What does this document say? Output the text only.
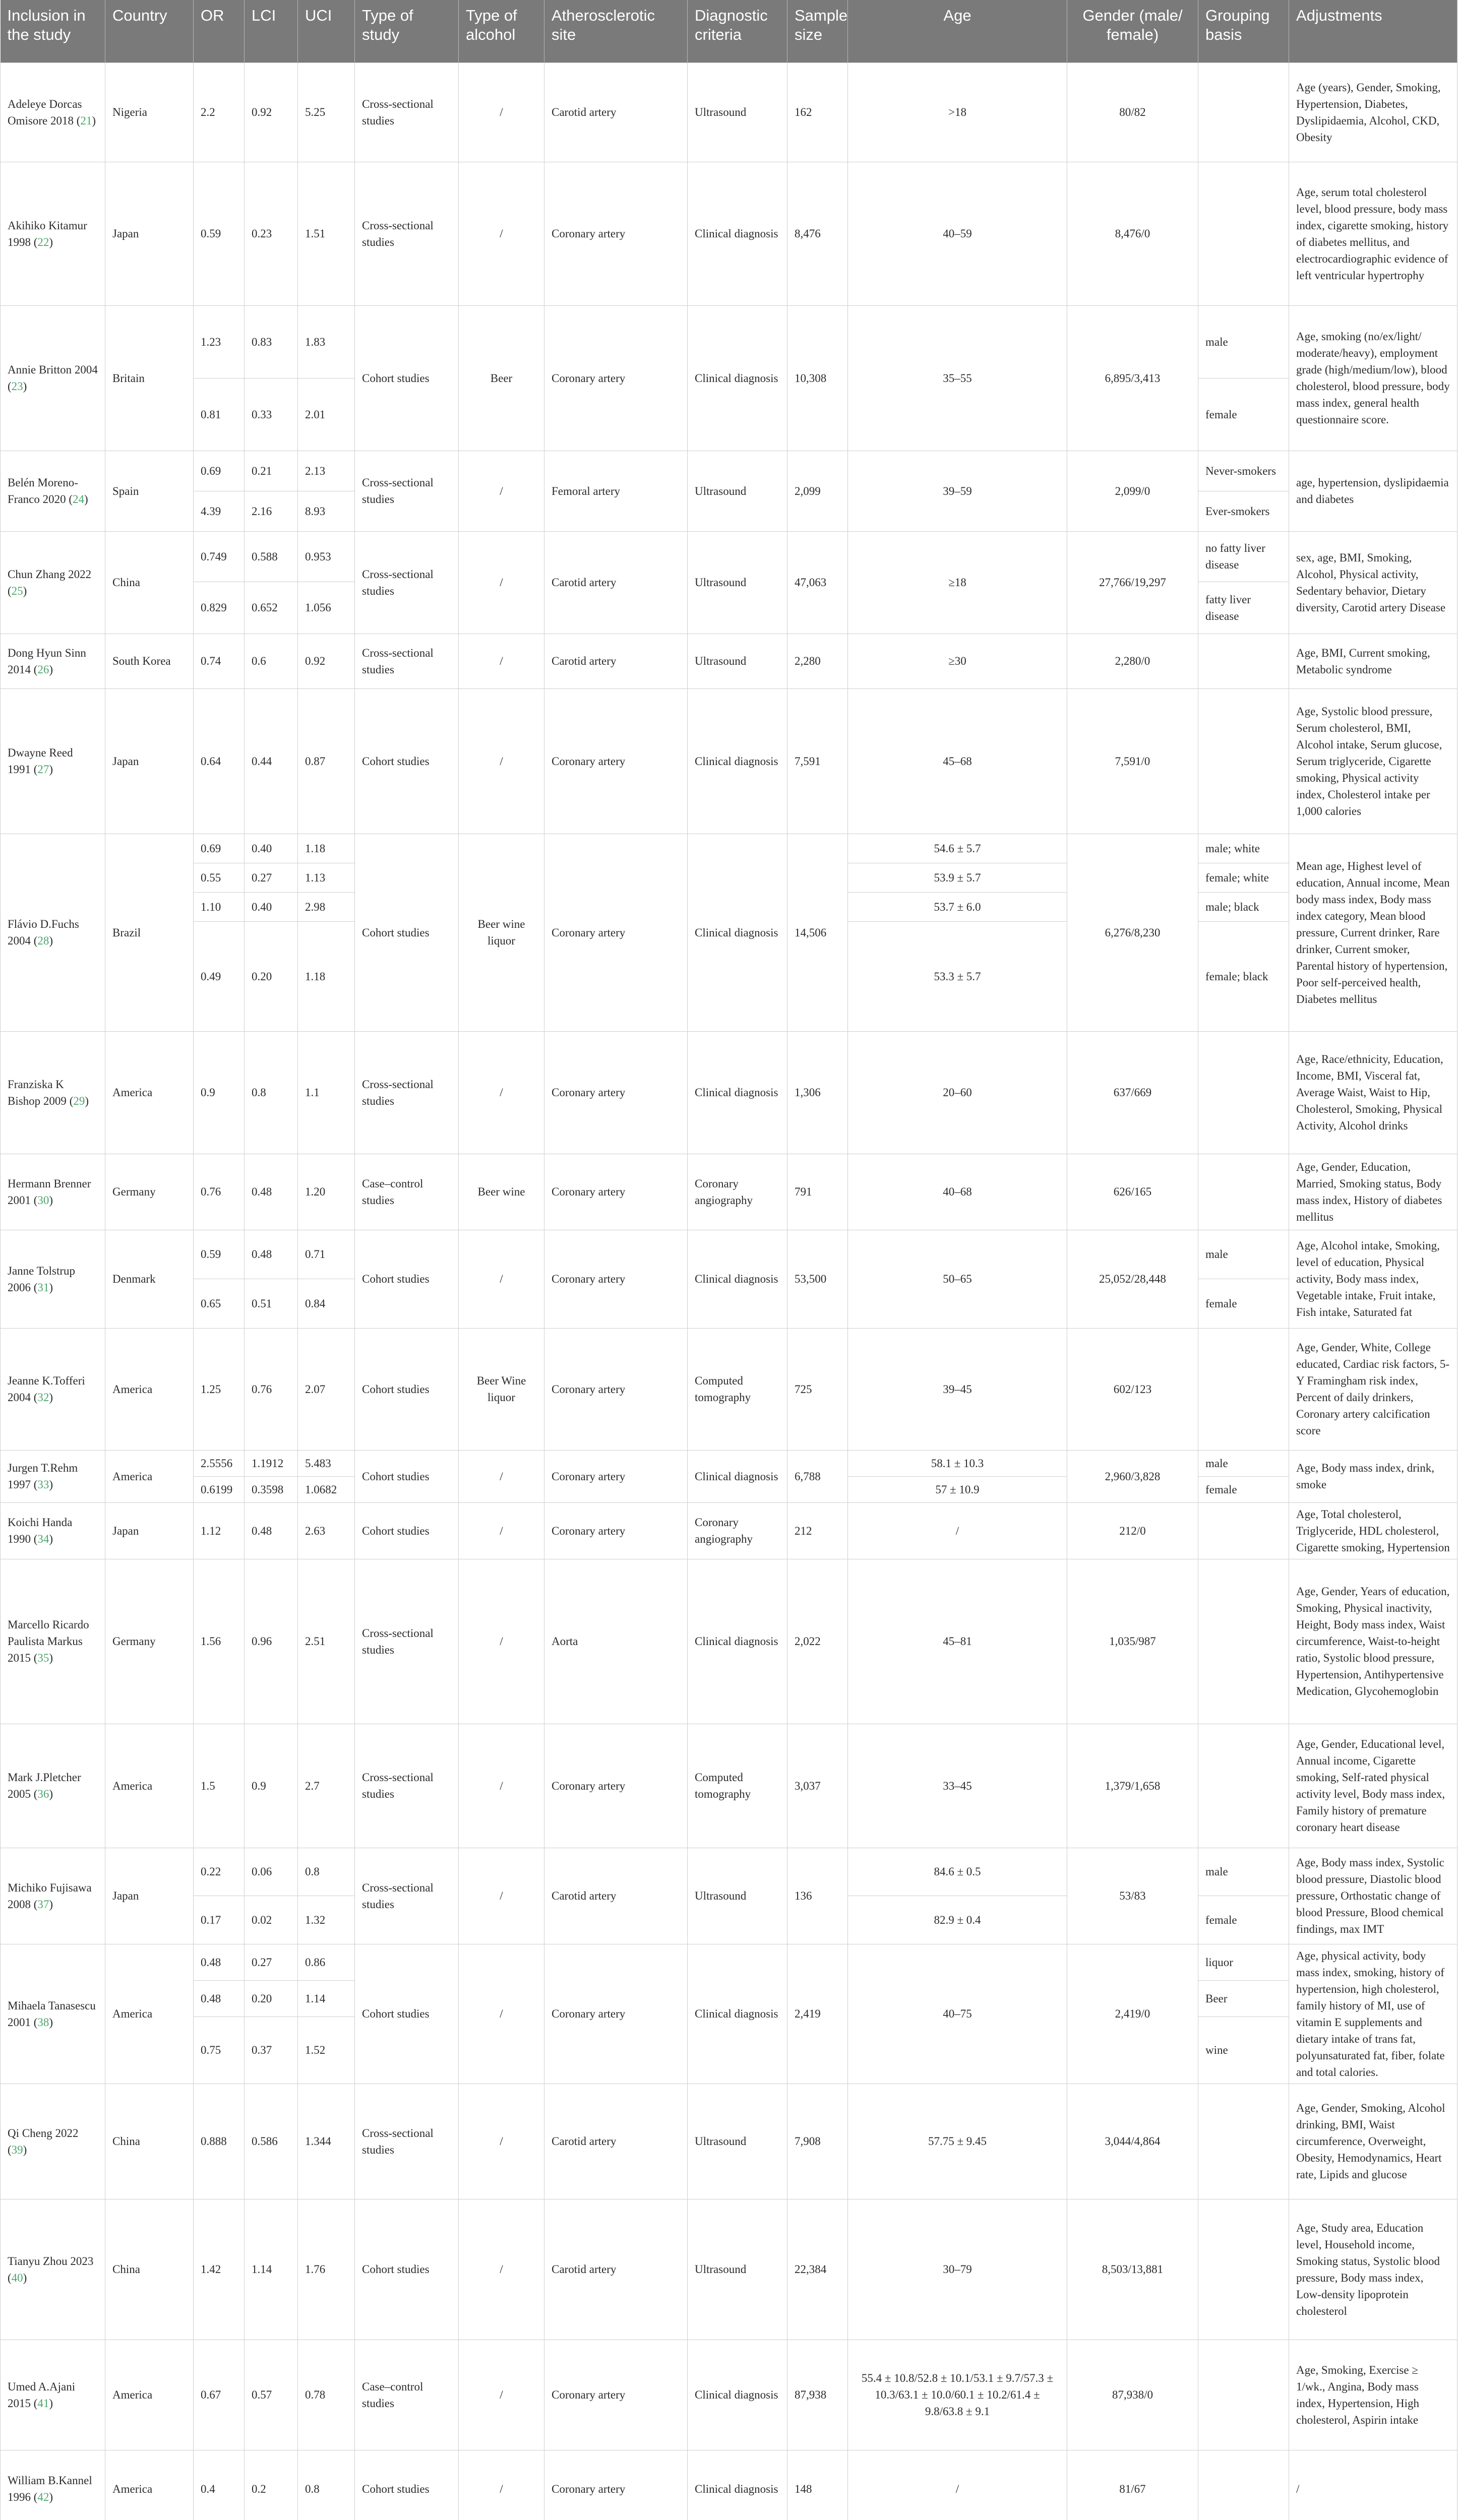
Inclusion in the study	Country	OR	LCI	UCI	Type of study	Type of alcohol	Atherosclerotic site	Diagnostic criteria	Sample size	Age	Gender (male/ female)	Grouping basis	Adjustments
Adeleye Dorcas Omisore 2018 (21)	Nigeria	2.2	0.92	5.25	Cross-sectional studies	/	Carotid artery	Ultrasound	162	>18	80/82		Age (years), Gender, Smoking, Hypertension, Diabetes, Dyslipidaemia, Alcohol, CKD, Obesity
Akihiko Kitamur 1998 (22)	Japan	0.59	0.23	1.51	Cross-sectional studies	/	Coronary artery	Clinical diagnosis	8,476	40–59	8,476/0		Age, serum total cholesterol level, blood pressure, body mass index, cigarette smoking, history of diabetes mellitus, and electrocardiographic evidence of left ventricular hypertrophy
Annie Britton 2004 (23)	Britain	1.23	0.83	1.83	Cohort studies	Beer	Coronary artery	Clinical diagnosis	10,308	35–55	6,895/3,413	male	Age, smoking (no/ex/light/ moderate/heavy), employment grade (high/medium/low), blood cholesterol, blood pressure, body mass index, general health questionnaire score.
		0.81	0.33	2.01								female	
Belén Moreno-Franco 2020 (24)	Spain	0.69	0.21	2.13	Cross-sectional studies	/	Femoral artery	Ultrasound	2,099	39–59	2,099/0	Never-smokers	age, hypertension, dyslipidaemia and diabetes
		4.39	2.16	8.93								Ever-smokers	
Chun Zhang 2022 (25)	China	0.749	0.588	0.953	Cross-sectional studies	/	Carotid artery	Ultrasound	47,063	≥18	27,766/19,297	no fatty liver disease	sex, age, BMI, Smoking, Alcohol, Physical activity, Sedentary behavior, Dietary diversity, Carotid artery Disease
		0.829	0.652	1.056								fatty liver disease	
Dong Hyun Sinn 2014 (26)	South Korea	0.74	0.6	0.92	Cross-sectional studies	/	Carotid artery	Ultrasound	2,280	≥30	2,280/0		Age, BMI, Current smoking, Metabolic syndrome
Dwayne Reed 1991 (27)	Japan	0.64	0.44	0.87	Cohort studies	/	Coronary artery	Clinical diagnosis	7,591	45–68	7,591/0		Age, Systolic blood pressure, Serum cholesterol, BMI, Alcohol intake, Serum glucose, Serum triglyceride, Cigarette smoking, Physical activity index, Cholesterol intake per 1,000 calories
Flávio D.Fuchs 2004 (28)	Brazil	0.69	0.40	1.18	Cohort studies	Beer wine liquor	Coronary artery	Clinical diagnosis	14,506	54.6 ± 5.7	6,276/8,230	male; white	Mean age, Highest level of education, Annual income, Mean body mass index, Body mass index category, Mean blood pressure, Current drinker, Rare drinker, Current smoker, Parental history of hypertension, Poor self-perceived health, Diabetes mellitus
		0.55	0.27	1.13						53.9 ± 5.7		female; white	
		1.10	0.40	2.98						53.7 ± 6.0		male; black	
		0.49	0.20	1.18						53.3 ± 5.7		female; black	
Franziska K Bishop 2009 (29)	America	0.9	0.8	1.1	Cross-sectional studies	/	Coronary artery	Clinical diagnosis	1,306	20–60	637/669		Age, Race/ethnicity, Education, Income, BMI, Visceral fat, Average Waist, Waist to Hip, Cholesterol, Smoking, Physical Activity, Alcohol drinks
Hermann Brenner 2001 (30)	Germany	0.76	0.48	1.20	Case–control studies	Beer wine	Coronary artery	Coronary angiography	791	40–68	626/165		Age, Gender, Education, Married, Smoking status, Body mass index, History of diabetes mellitus
Janne Tolstrup 2006 (31)	Denmark	0.59	0.48	0.71	Cohort studies	/	Coronary artery	Clinical diagnosis	53,500	50–65	25,052/28,448	male	Age, Alcohol intake, Smoking, level of education, Physical activity, Body mass index, Vegetable intake, Fruit intake, Fish intake, Saturated fat
		0.65	0.51	0.84								female	
Jeanne K.Tofferi 2004 (32)	America	1.25	0.76	2.07	Cohort studies	Beer Wine liquor	Coronary artery	Computed tomography	725	39–45	602/123		Age, Gender, White, College educated, Cardiac risk factors, 5-Y Framingham risk index, Percent of daily drinkers, Coronary artery calcification score
Jurgen T.Rehm 1997 (33)	America	2.5556	1.1912	5.483	Cohort studies	/	Coronary artery	Clinical diagnosis	6,788	58.1 ± 10.3	2,960/3,828	male	Age, Body mass index, drink, smoke
		0.6199	0.3598	1.0682						57 ± 10.9		female	
Koichi Handa 1990 (34)	Japan	1.12	0.48	2.63	Cohort studies	/	Coronary artery	Coronary angiography	212	/	212/0		Age, Total cholesterol, Triglyceride, HDL cholesterol, Cigarette smoking, Hypertension
Marcello Ricardo Paulista Markus 2015 (35)	Germany	1.56	0.96	2.51	Cross-sectional studies	/	Aorta	Clinical diagnosis	2,022	45–81	1,035/987		Age, Gender, Years of education, Smoking, Physical inactivity, Height, Body mass index, Waist circumference, Waist-to-height ratio, Systolic blood pressure, Hypertension, Antihypertensive Medication, Glycohemoglobin
Mark J.Pletcher 2005 (36)	America	1.5	0.9	2.7	Cross-sectional studies	/	Coronary artery	Computed tomography	3,037	33–45	1,379/1,658		Age, Gender, Educational level, Annual income, Cigarette smoking, Self-rated physical activity level, Body mass index, Family history of premature coronary heart disease
Michiko Fujisawa 2008 (37)	Japan	0.22	0.06	0.8	Cross-sectional studies	/	Carotid artery	Ultrasound	136	84.6 ± 0.5	53/83	male	Age, Body mass index, Systolic blood pressure, Diastolic blood pressure, Orthostatic change of blood Pressure, Blood chemical findings, max IMT
		0.17	0.02	1.32						82.9 ± 0.4		female	
Mihaela Tanasescu 2001 (38)	America	0.48	0.27	0.86	Cohort studies	/	Coronary artery	Clinical diagnosis	2,419	40–75	2,419/0	liquor	Age, physical activity, body mass index, smoking, history of hypertension, high cholesterol, family history of MI, use of vitamin E supplements and dietary intake of trans fat, polyunsaturated fat, fiber, folate and total calories.
		0.48	0.20	1.14								Beer	
		0.75	0.37	1.52								wine	
Qi Cheng 2022 (39)	China	0.888	0.586	1.344	Cross-sectional studies	/	Carotid artery	Ultrasound	7,908	57.75 ± 9.45	3,044/4,864		Age, Gender, Smoking, Alcohol drinking, BMI, Waist circumference, Overweight, Obesity, Hemodynamics, Heart rate, Lipids and glucose
Tianyu Zhou 2023 (40)	China	1.42	1.14	1.76	Cohort studies	/	Carotid artery	Ultrasound	22,384	30–79	8,503/13,881		Age, Study area, Education level, Household income, Smoking status, Systolic blood pressure, Body mass index, Low-density lipoprotein cholesterol
Umed A.Ajani 2015 (41)	America	0.67	0.57	0.78	Case–control studies	/	Coronary artery	Clinical diagnosis	87,938	55.4 ± 10.8/52.8 ± 10.1/53.1 ± 9.7/57.3 ± 10.3/63.1 ± 10.0/60.1 ± 10.2/61.4 ± 9.8/63.8 ± 9.1	87,938/0		Age, Smoking, Exercise ≥ 1/wk., Angina, Body mass index, Hypertension, High cholesterol, Aspirin intake
William B.Kannel 1996 (42)	America	0.4	0.2	0.8	Cohort studies	/	Coronary artery	Clinical diagnosis	148	/	81/67		/
